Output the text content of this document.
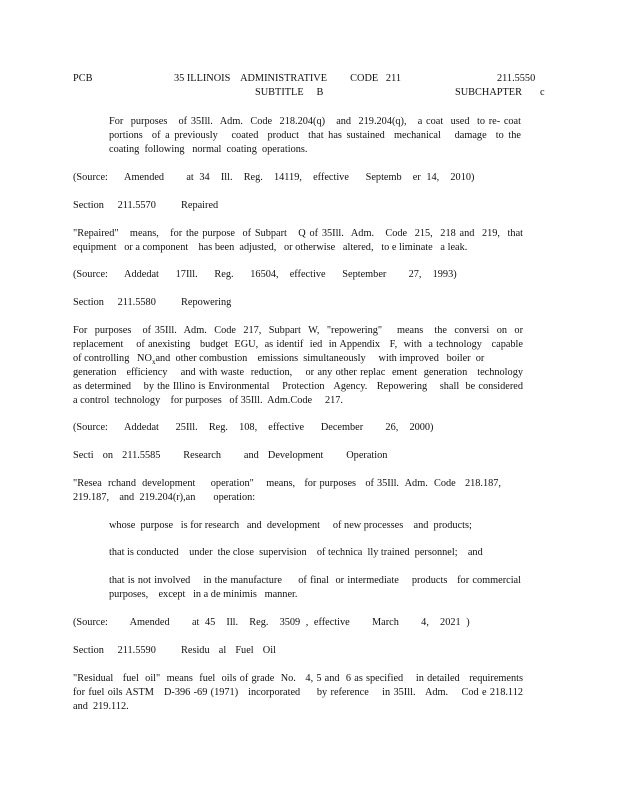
PCB	35 ILLINOIS    ADMINISTRATIVE         CODE   211	211.5550
SUBTITLE     B	SUBCHAPTER       c

For  purposes   of 35Ill.  Adm.  Code  218.204(q)   and  219.204(q),   a coat  used  to re- coat
portions  of a previously   coated  product  that has sustained  mechanical   damage  to the
coating  following   normal  coating  operations.

(Source:   Amended    at 34  Ill.  Reg.  14119,  effective   Septemb  er 14,  2010)
Section   211.5570 Repaired

"Repaired"   means,   for the purpose  of Subpart   Q of 35Ill.  Adm.   Code  215,  218 and  219,  that
equipment   or a component    has been  adjusted,   or otherwise   altered,   to e liminate   a leak.

(Source:   Addedat   17Ill.   Reg.   16504,  effective   September    27,  1993)
Section   211.5580 Repowering

For  purposes   of 35Ill.  Adm.  Code  217,  Subpart  W,  "repowering"    means   the  conversi  on  or
replacement    of anexisting   budget  EGU,  as identif  ied  in Appendix   F,  with  a technology   capable
of controlling   $NO_xand$  other combustion    emissions  simultaneously     with improved   boiler  or
generation   efficiency    and with waste  reduction,    or any other replac  ement  generation   technology
as determined    by the Illino is Environmental    Protection   Agency.   Repowering    shall  be considered
a control  technology    for purposes   of 35Ill.  Adm.Code     217.

(Source:   Addedat   25Ill.  Reg.  108,  effective   December    26,  2000)
Secti  on  211.5585     Research     and  Development     Operation

"Resea  rchand  development     operation"    means,   for purposes   of 35Ill.  Adm.  Code   218.187,
219.187,    and  219.204(r),an       operation:

whose  purpose   is for research   and  development     of new processes    and  products;
that is conducted    under  the close  supervision    of technica  lly trained  personnel;    and

that is not involved    in the manufacture     of final  or intermediate    products   for commercial
purposes,    except   in a de minimis   manner.

(Source:    Amended    at 45  Ill.  Reg.  3509 , effective    March    4,  2021 )
Section   211.5590 Residu  al  Fuel  Oil

"Residual   fuel  oil"  means  fuel  oils of grade  No.   4, 5 and  6 as specified    in detailed   requirements
for fuel oils ASTM   D-396 -69 (1971)   incorporated     by reference    in 35Ill.   Adm.    Cod e 218.112
and  219.112.
